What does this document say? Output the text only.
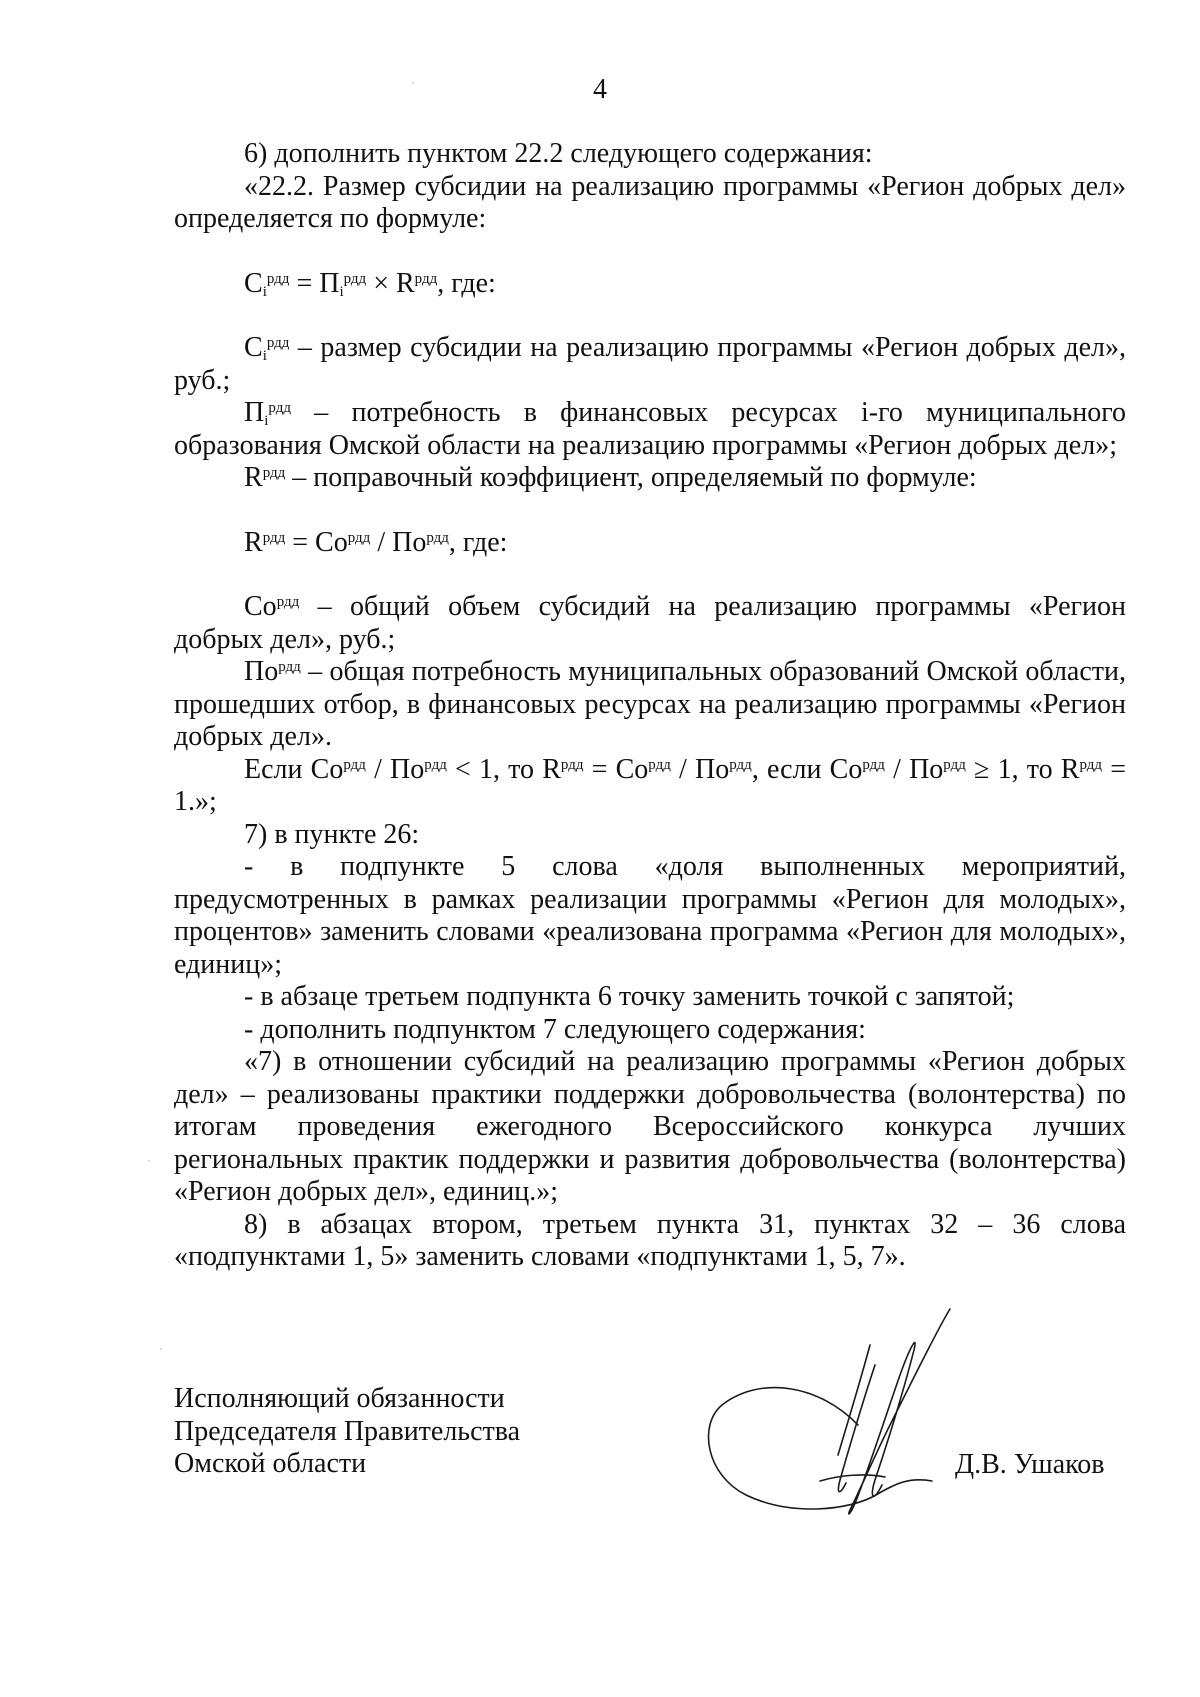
4

6) дополнить пунктом 22.2 следующего содержания:

«22.2. Размер субсидии на реализацию программы «Регион добрых дел» определяется по формуле:

$C_i^{рдд} = П_i^{рдд} \times R^{рдд}$, где:

$C_i^{рдд}$ – размер субсидии на реализацию программы «Регион добрых дел», руб.;

$П_i^{рдд}$ – потребность в финансовых ресурсах i-го муниципального образования Омской области на реализацию программы «Регион добрых дел»;

$R^{рдд}$ – поправочный коэффициент, определяемый по формуле:

$R^{рдд} = Co^{рдд} / По^{рдд}$, где:

$Co^{рдд}$ – общий объем субсидий на реализацию программы «Регион добрых дел», руб.;

$По^{рдд}$ – общая потребность муниципальных образований Омской области, прошедших отбор, в финансовых ресурсах на реализацию программы «Регион добрых дел».

Если $Co^{рдд} / По^{рдд} < 1$, то $R^{рдд} = Co^{рдд} / По^{рдд}$, если $Co^{рдд} / По^{рдд} \ge 1$, то $R^{рдд} = 1$.»;

7) в пункте 26:

- в подпункте 5 слова «доля выполненных мероприятий, предусмотренных в рамках реализации программы «Регион для молодых», процентов» заменить словами «реализована программа «Регион для молодых», единиц»;

- в абзаце третьем подпункта 6 точку заменить точкой с запятой;

- дополнить подпунктом 7 следующего содержания:

«7) в отношении субсидий на реализацию программы «Регион добрых дел» – реализованы практики поддержки добровольчества (волонтерства) по итогам проведения ежегодного Всероссийского конкурса лучших региональных практик поддержки и развития добровольчества (волонтерства) «Регион добрых дел», единиц.»;

8) в абзацах втором, третьем пункта 31, пунктах 32 – 36 слова «подпунктами 1, 5» заменить словами «подпунктами 1, 5, 7».

Исполняющий обязанности
Председателя Правительства
Омской области	Д.В. Ушаков
